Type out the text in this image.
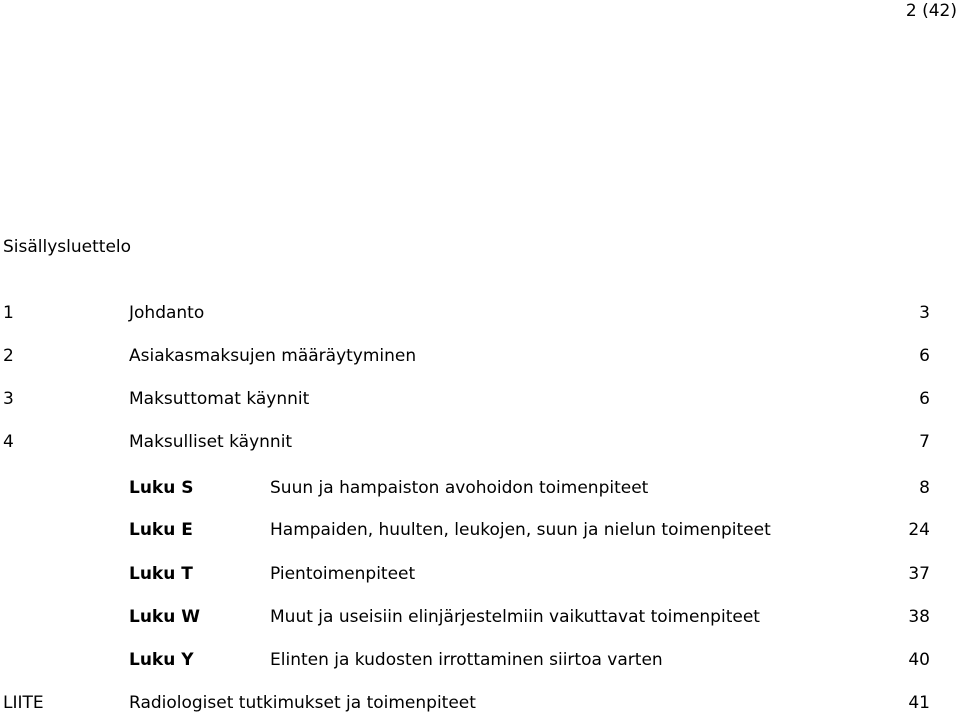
2 (42)
Sisällysluettelo
1	Johdanto	3
2	Asiakasmaksujen määräytyminen	6
3	Maksuttomat käynnit	6
4	Maksulliset käynnit	7
Luku S	Suun ja hampaiston avohoidon toimenpiteet	8
Luku E	Hampaiden, huulten, leukojen, suun ja nielun toimenpiteet	24
Luku T	Pientoimenpiteet	37
Luku W	Muut ja useisiin elinjärjestelmiin vaikuttavat toimenpiteet	38
Luku Y	Elinten ja kudosten irrottaminen siirtoa varten	40
LIITE	Radiologiset tutkimukset ja toimenpiteet	41
